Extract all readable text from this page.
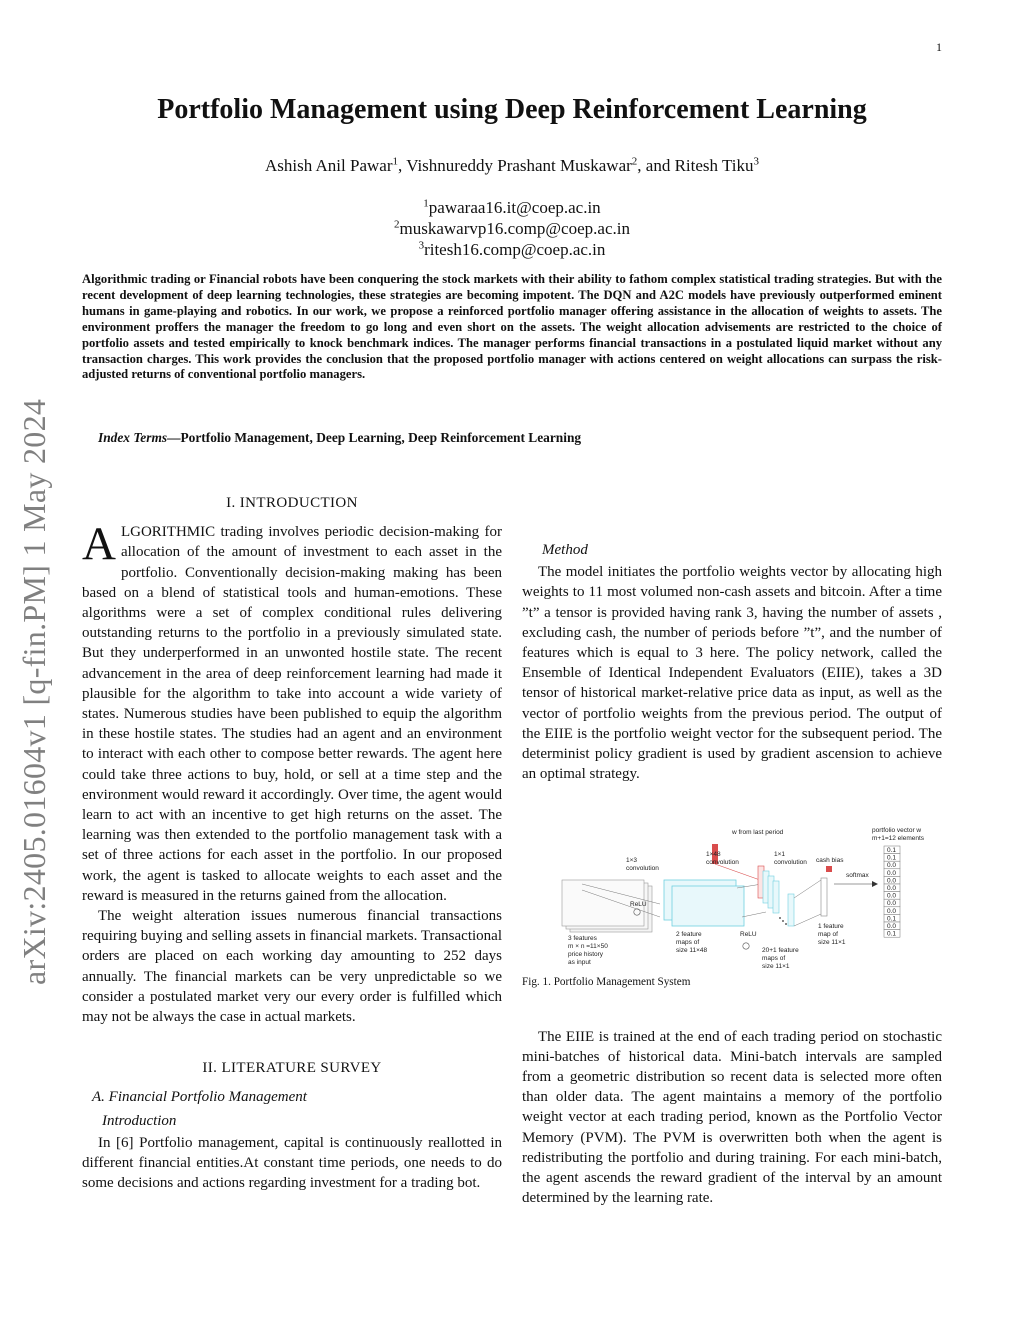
1
arXiv:2405.01604v1 [q-fin.PM] 1 May 2024
Portfolio Management using Deep Reinforcement Learning
Ashish Anil Pawar$^1$, Vishnureddy Prashant Muskawar$^2$, and Ritesh Tiku$^3$
$^1$pawaraa16.it@coep.ac.in
$^2$muskawarvp16.comp@coep.ac.in
$^3$ritesh16.comp@coep.ac.in

Algorithmic trading or Financial robots have been conquering the stock markets with their ability to fathom complex statistical trading strategies. But with the recent development of deep learning technologies, these strategies are becoming impotent. The DQN and A2C models have previously outperformed eminent humans in game-playing and robotics. In our work, we propose a reinforced portfolio manager offering assistance in the allocation of weights to assets. The environment proffers the manager the freedom to go long and even short on the assets. The weight allocation advisements are restricted to the choice of portfolio assets and tested empirically to knock benchmark indices. The manager performs financial transactions in a postulated liquid market without any transaction charges. This work provides the conclusion that the proposed portfolio manager with actions centered on weight allocations can surpass the risk-adjusted returns of conventional portfolio managers.

Index Terms—Portfolio Management, Deep Learning, Deep Reinforcement Learning

I. INTRODUCTION

ALGORITHMIC trading involves periodic decision-making for allocation of the amount of investment to each asset in the portfolio. Conventionally decision-making making has been based on a blend of statistical tools and human-emotions. These algorithms were a set of complex conditional rules delivering outstanding returns to the portfolio in a previously simulated state. But they underperformed in an unwonted hostile state. The recent advancement in the area of deep reinforcement learning had made it plausible for the algorithm to take into account a wide variety of states. Numerous studies have been published to equip the algorithm in these hostile states. The studies had an agent and an environment to interact with each other to compose better rewards. The agent here could take three actions to buy, hold, or sell at a time step and the environment would reward it accordingly. Over time, the agent would learn to act with an incentive to get high returns on the asset. The learning was then extended to the portfolio management task with a set of three actions for each asset in the portfolio. In our proposed work, the agent is tasked to allocate weights to each asset and the reward is measured in the returns gained from the allocation.

The weight alteration issues numerous financial transactions requiring buying and selling assets in financial markets. Transactional orders are placed on each working day amounting to 252 days annually. The financial markets can be very unpredictable so we consider a postulated market very our every order is fulfilled which may not be always the case in actual markets.

II. LITERATURE SURVEY
A. Financial Portfolio Management
Introduction

In [6] Portfolio management, capital is continuously reallotted in different financial entities.At constant time periods, one needs to do some decisions and actions regarding investment for a trading bot.

Method

The model initiates the portfolio weights vector by allocating high weights to 11 most volumed non-cash assets and bitcoin. After a time ”t” a tensor is provided having rank 3, having the number of assets , excluding cash, the number of periods before ”t”, and the number of features which is equal to 3 here. The policy network, called the Ensemble of Identical Independent Evaluators (EIIE), takes a 3D tensor of historical market-relative price data as input, as well as the vector of portfolio weights from the previous period. The output of the EIIE is the portfolio weight vector for the subsequent period. The determinist policy gradient is used by gradient ascension to achieve an optimal strategy.

0.1
0.1
0.0
0.0
0.0
0.0
0.0
0.0
0.0
0.1
0.0
0.1
1×3
convolution
ReLU
3 features
m × n =11×50
price history
as input
2 feature
maps of
size 11×48
1×48
convolution
w from last period
ReLU
20+1 feature
maps of
size 11×1
1×1
convolution cash bias
softmax
1 feature
map of
size 11×1
portfolio vector w
m+1=12 elements

Fig. 1. Portfolio Management System

The EIIE is trained at the end of each trading period on stochastic mini-batches of historical data. Mini-batch intervals are sampled from a geometric distribution so recent data is selected more often than older data. The agent maintains a memory of the portfolio weight vector at each trading period, known as the Portfolio Vector Memory (PVM). The PVM is overwritten both when the agent is redistributing the portfolio and during training. For each mini-batch, the agent ascends the reward gradient of the interval by an amount determined by the learning rate.
